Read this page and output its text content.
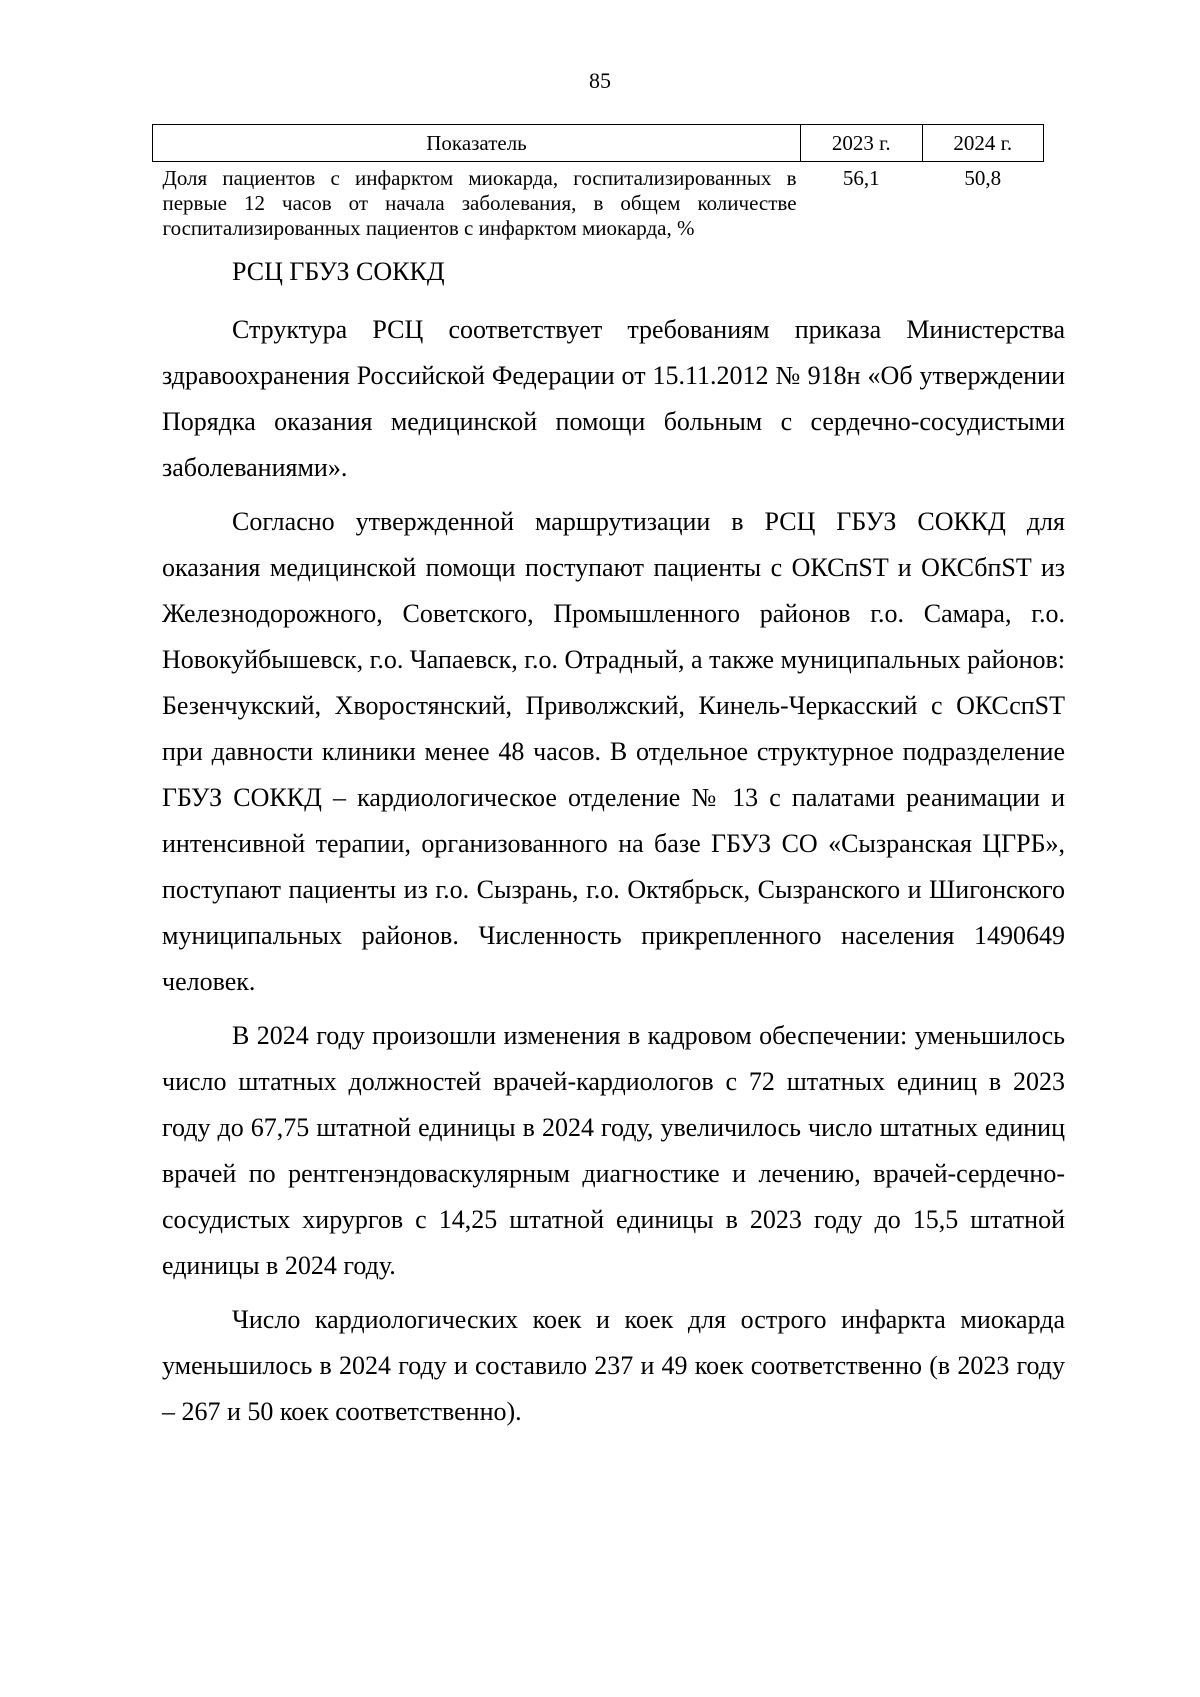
85
Показатель	2023 г.	2024 г.
Доля пациентов с инфарктом миокарда, госпитализированных в первые 12 часов от начала заболевания, в общем количестве госпитализированных пациентов с инфарктом миокарда, %	56,1	50,8
РСЦ ГБУЗ СОККД

Структура РСЦ соответствует требованиям приказа Министерства здравоохранения Российской Федерации от 15.11.2012 № 918н «Об утверждении Порядка оказания медицинской помощи больным с сердечно-сосудистыми заболеваниями».

Согласно утвержденной маршрутизации в РСЦ ГБУЗ СОККД для оказания медицинской помощи поступают пациенты с ОКСпST и ОКСбпST из Железнодорожного, Советского, Промышленного районов г.о. Самара, г.о. Новокуйбышевск, г.о. Чапаевск, г.о. Отрадный, а также муниципальных районов: Безенчукский, Хворостянский, Приволжский, Кинель-Черкасский с ОКСспST при давности клиники менее 48 часов. В отдельное структурное подразделение ГБУЗ СОККД – кардиологическое отделение № 13 с палатами реанимации и интенсивной терапии, организованного на базе ГБУЗ СО «Сызранская ЦГРБ», поступают пациенты из г.о. Сызрань, г.о. Октябрьск, Сызранского и Шигонского муниципальных районов. Численность прикрепленного населения 1490649 человек.

В 2024 году произошли изменения в кадровом обеспечении: уменьшилось число штатных должностей врачей-кардиологов с 72 штатных единиц в 2023 году до 67,75 штатной единицы в 2024 году, увеличилось число штатных единиц врачей по рентгенэндоваскулярным диагностике и лечению, врачей-сердечно-сосудистых хирургов с 14,25 штатной единицы в 2023 году до 15,5 штатной единицы в 2024 году.

Число кардиологических коек и коек для острого инфаркта миокарда уменьшилось в 2024 году и составило 237 и 49 коек соответственно (в 2023 году – 267 и 50 коек соответственно).
